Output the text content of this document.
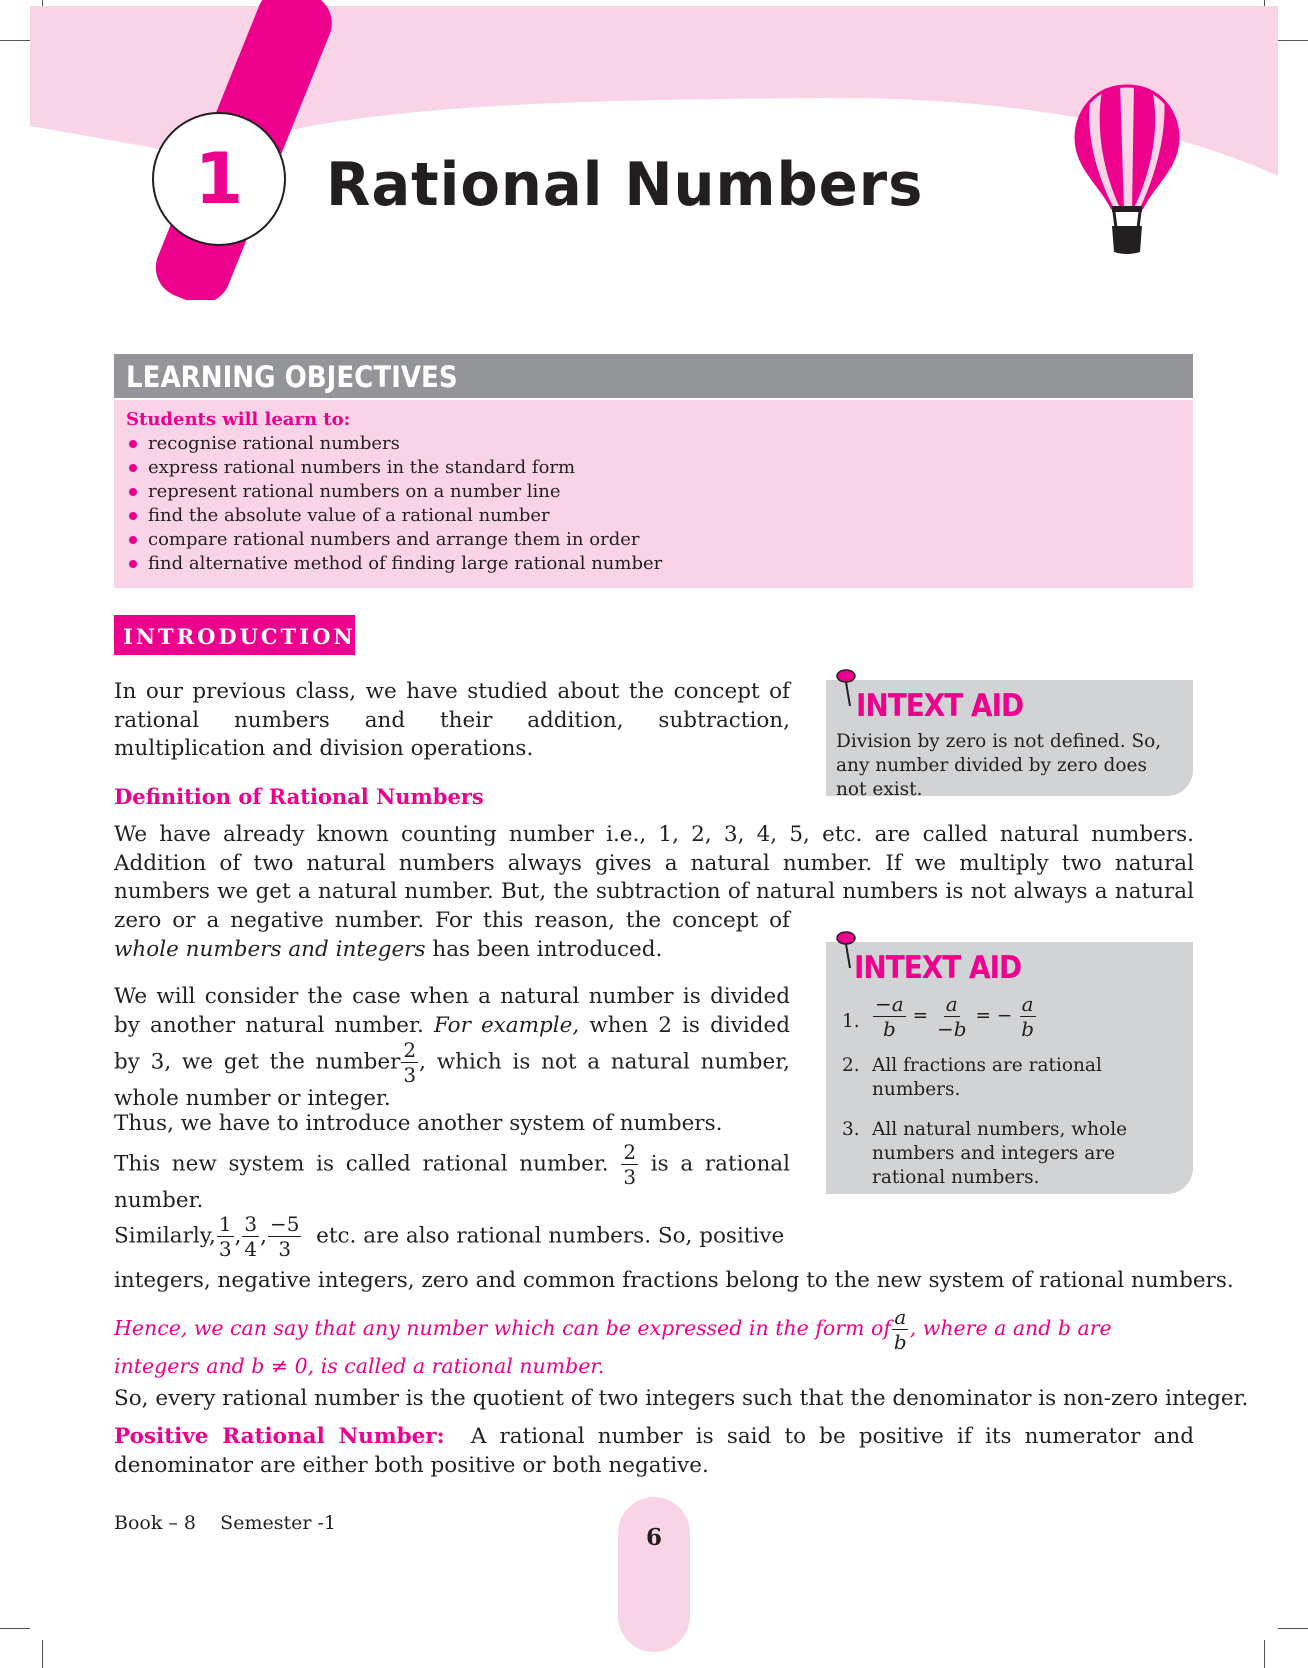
1 Rational Numbers
LEARNING OBJECTIVES
Students will learn to:
recognise rational numbers
express rational numbers in the standard form
represent rational numbers on a number line
find the absolute value of a rational number
compare rational numbers and arrange them in order
find alternative method of finding large rational number
INTRODUCTION
In our previous class, we have studied about the concept of rational numbers and their addition, subtraction, multiplication and division operations.
INTEXT AID
Division by zero is not defined. So, any number divided by zero does not exist.
Definition of Rational Numbers
We have already known counting number i.e., 1, 2, 3, 4, 5, etc. are called natural numbers. Addition of two natural numbers always gives a natural number. If we multiply two natural numbers we get a natural number. But, the subtraction of natural numbers is not always a natural
zero or a negative number. For this reason, the concept of whole numbers and integers has been introduced.
INTEXT AID
1. $\frac{-a}{b} = \frac{a}{-b}$ = − $\frac{a}{b}$
2. All fractions are rational numbers.
3. All natural numbers, whole numbers and integers are rational numbers.
We will consider the case when a natural number is divided by another natural number. For example, when 2 is divided by 3, we get the number $\frac{2}{3}$ , which is not a natural number, whole number or integer.
Thus, we have to introduce another system of numbers.
This new system is called rational number. $\frac{2}{3}$ is a rational number.
Similarly, $\frac{1}{3}$ , $\frac{3}{4}$ , $\frac{-5}{3}$ etc. are also rational numbers. So, positive
integers, negative integers, zero and common fractions belong to the new system of rational numbers.
Hence, we can say that any number which can be expressed in the form of $\frac{a}{b}$ , where a and b are integers and b ≠ 0, is called a rational number.
So, every rational number is the quotient of two integers such that the denominator is non-zero integer.
Positive Rational Number: A rational number is said to be positive if its numerator and denominator are either both positive or both negative.
Book – 8    Semester -1
6
